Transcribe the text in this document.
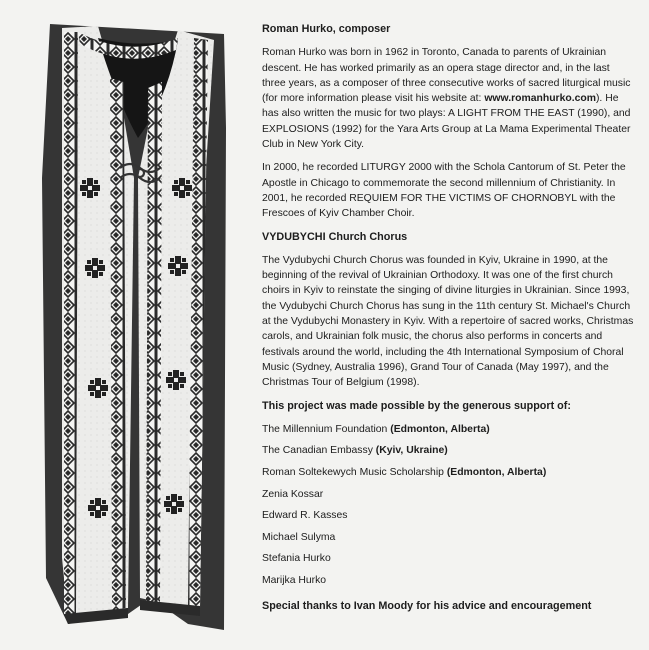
Roman Hurko, composer

Roman Hurko was born in 1962 in Toronto, Canada to parents of Ukrainian descent. He has worked primarily as an opera stage director and, in the last three years, as a composer of three consecutive works of sacred liturgical music (for more information please visit his website at: www.romanhurko.com). He has also written the music for two plays: A LIGHT FROM THE EAST (1990), and EXPLOSIONS (1992) for the Yara Arts Group at La Mama Experimental Theater Club in New York City.

In 2000, he recorded LITURGY 2000 with the Schola Cantorum of St. Peter the Apostle in Chicago to commemorate the second millennium of Christianity. In 2001, he recorded REQUIEM FOR THE VICTIMS OF CHORNOBYL with the Frescoes of Kyiv Chamber Choir.

VYDUBYCHI Church Chorus

The Vydubychi Church Chorus was founded in Kyiv, Ukraine in 1990, at the beginning of the revival of Ukrainian Orthodoxy. It was one of the first church choirs in Kyiv to reinstate the singing of divine liturgies in Ukrainian. Since 1993, the Vydubychi Church Chorus has sung in the 11th century St. Michael's Church at the Vydubychi Monastery in Kyiv. With a repertoire of sacred works, Christmas carols, and Ukrainian folk music, the chorus also performs in concerts and festivals around the world, including the 4th International Symposium of Choral Music (Sydney, Australia 1996), Grand Tour of Canada (May 1997), and the Christmas Tour of Belgium (1998).

This project was made possible by the generous support of:
The Millennium Foundation (Edmonton, Alberta)
The Canadian Embassy (Kyiv, Ukraine)
Roman Soltekewych Music Scholarship (Edmonton, Alberta)
Zenia Kossar
Edward R. Kasses
Michael Sulyma
Stefania Hurko
Marijka Hurko
Special thanks to Ivan Moody for his advice and encouragement
